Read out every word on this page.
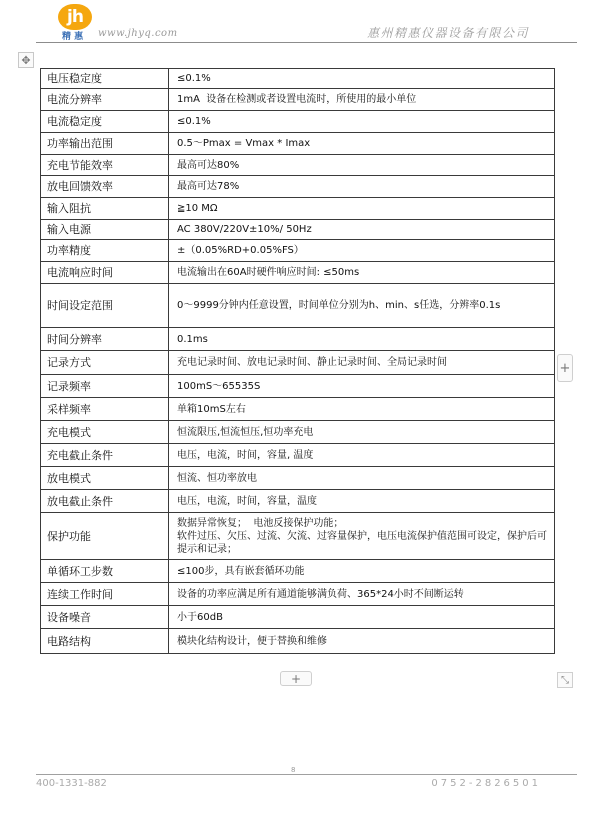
jh
精 惠 www.jhyq.com	惠州精惠仪器设备有限公司
✥
电压稳定度	≤0.1%
电流分辨率	1mA  设备在检测或者设置电流时，所使用的最小单位
电流稳定度	≤0.1%
功率输出范围	0.5～Pmax = Vmax * Imax
充电节能效率	最高可达80%
放电回馈效率	最高可达78%
输入阻抗	≧10 MΩ
输入电源	AC 380V/220V±10%/ 50Hz
功率精度	±（0.05%RD+0.05%FS）
电流响应时间	电流输出在60A时硬件响应时间: ≤50ms
时间设定范围	0～9999分钟内任意设置，时间单位分别为h、min、s任选，分辨率0.1s
时间分辨率	0.1ms
记录方式	充电记录时间、放电记录时间、静止记录时间、全局记录时间
记录频率	100mS～65535S
采样频率	单箱10mS左右
充电模式	恒流限压,恒流恒压,恒功率充电
充电截止条件	电压，电流，时间，容量, 温度
放电模式	恒流、恒功率放电
放电截止条件	电压，电流，时间，容量，温度
保护功能	数据异常恢复；  电池反接保护功能；
软件过压、欠压、过流、欠流、过容量保护，电压电流保护值范围可设定，保护后可提示和记录；
单循环工步数	≤100步，具有嵌套循环功能
连续工作时间	设备的功率应满足所有通道能够满负荷、365*24小时不间断运转
设备噪音	小于60dB
电路结构	模块化结构设计，便于替换和维修
+
+	⤡
8
400-1331-882	0752-2826501
